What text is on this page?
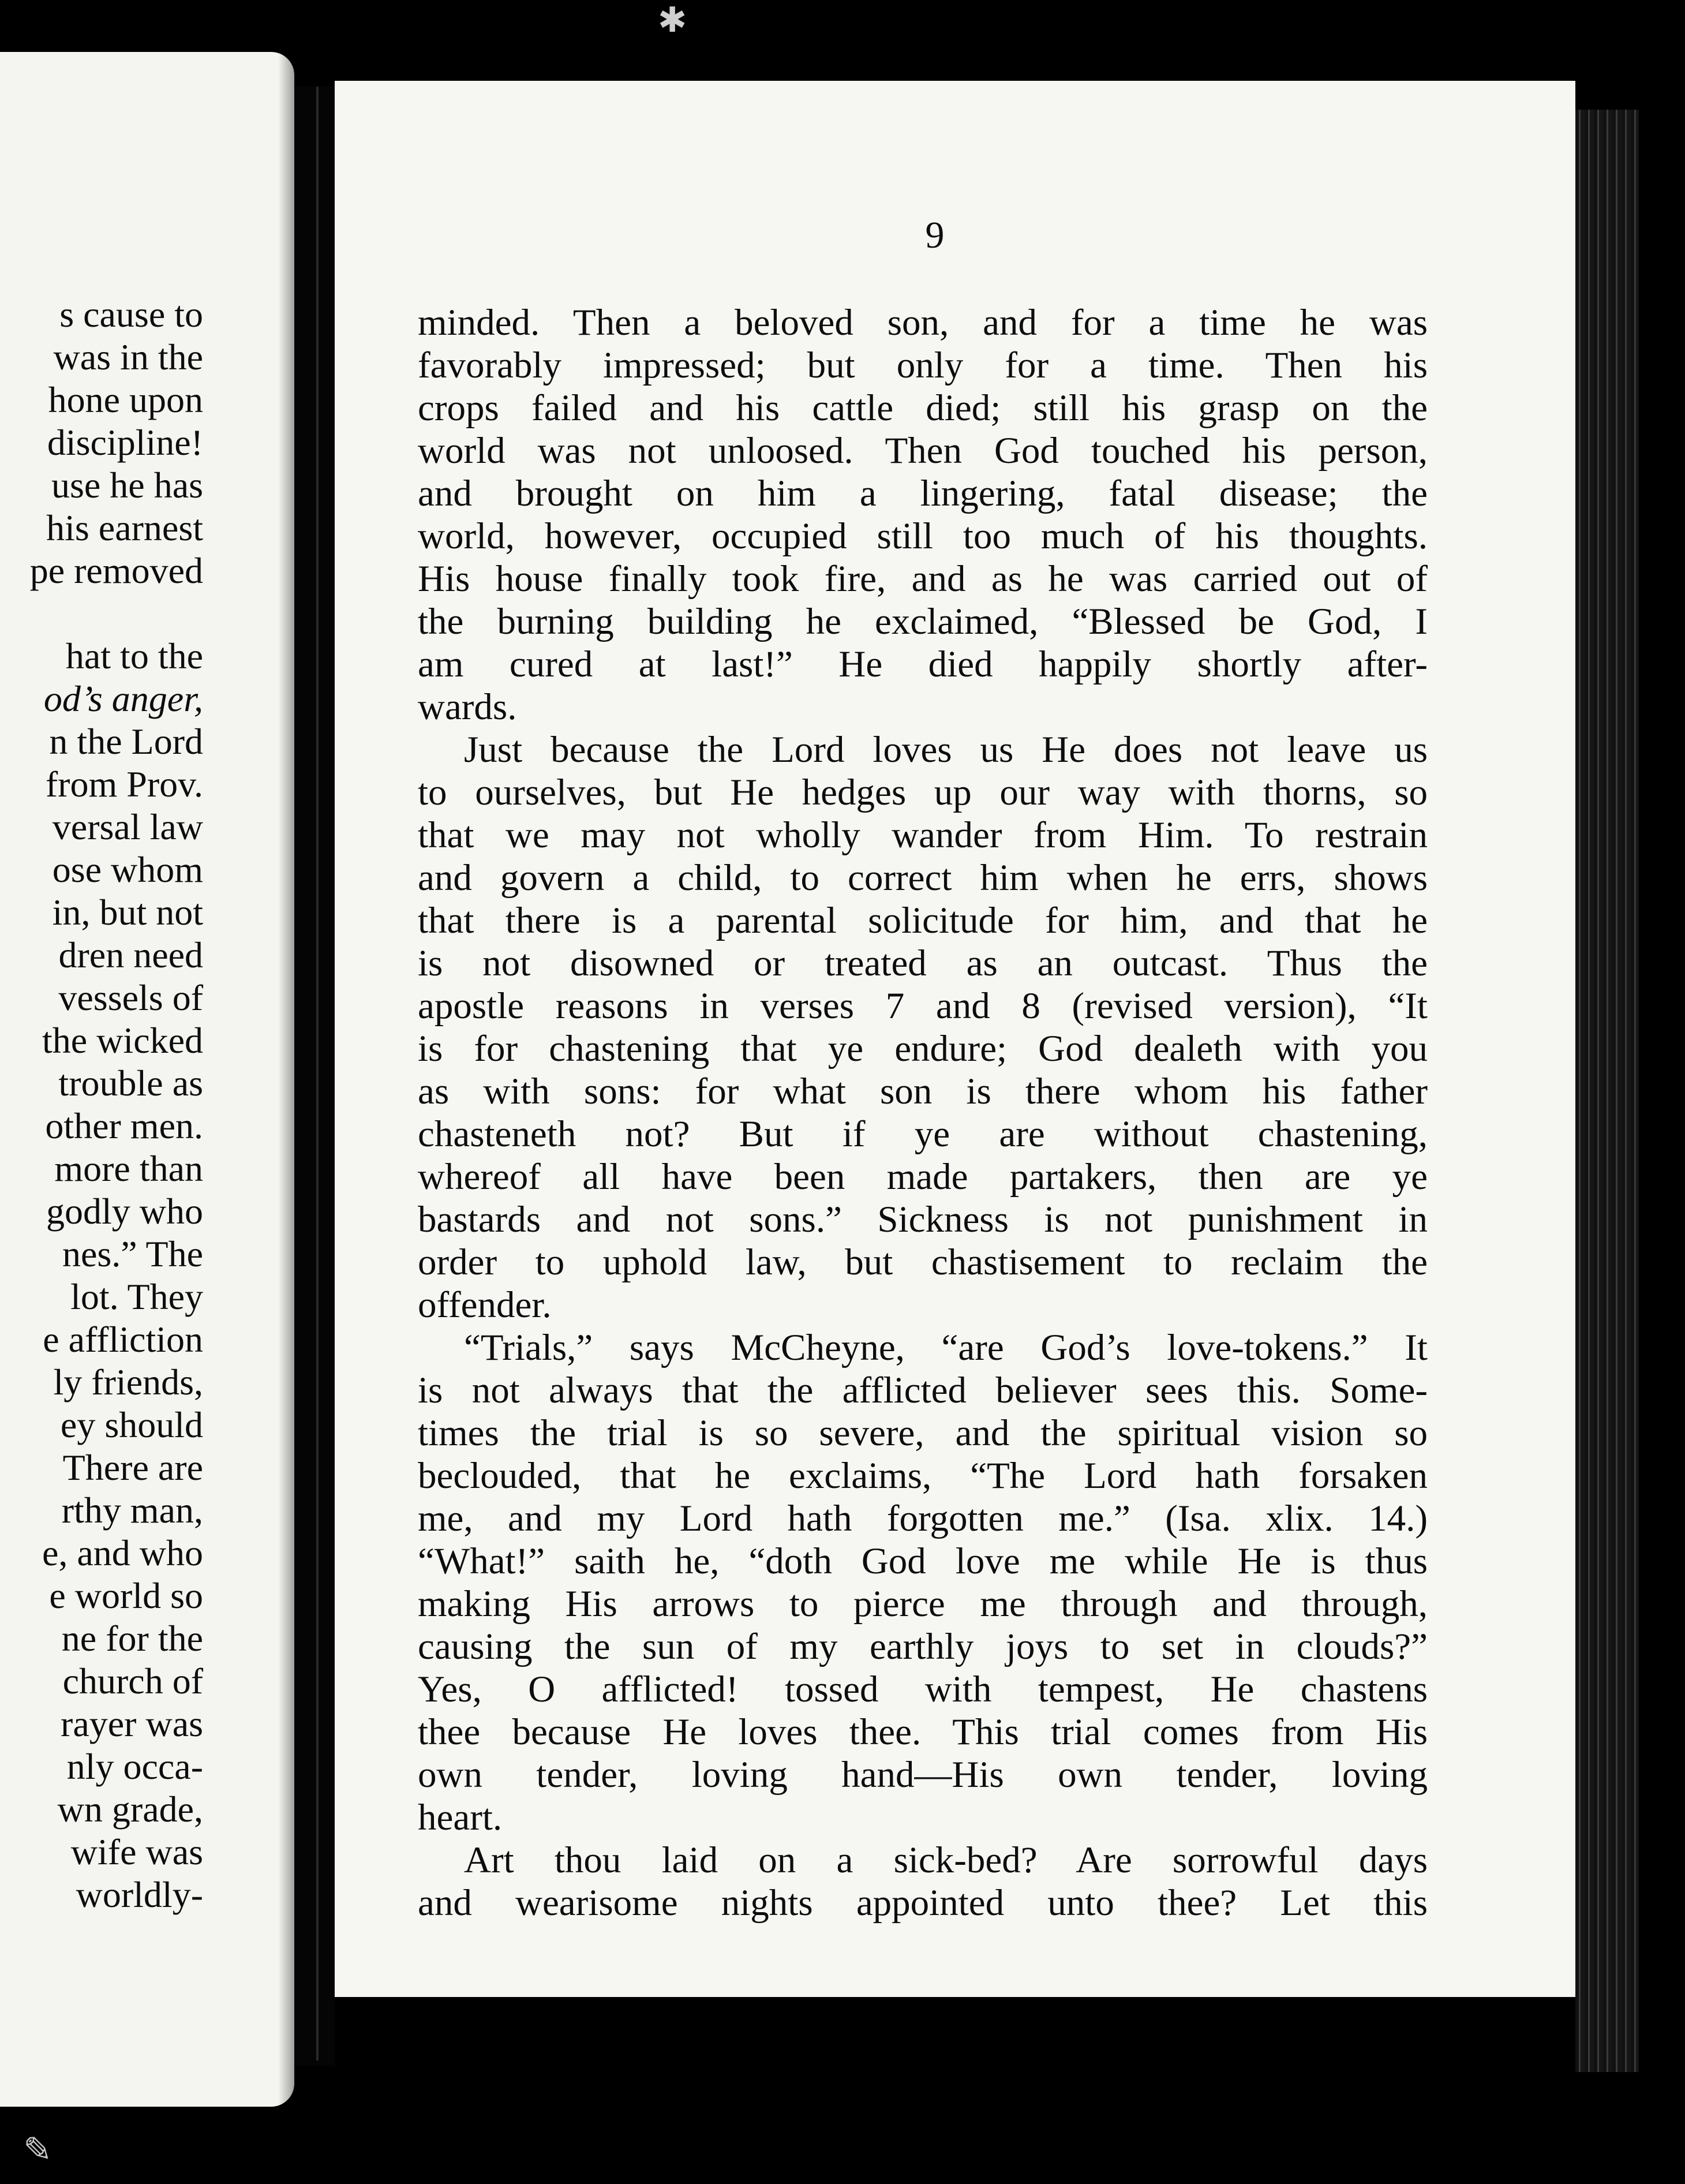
✱
s cause to
was in the
hone upon
discipline!
use he has
his earnest
pe removed
hat to the
od’s anger,
n the Lord
from Prov.
versal law
ose whom
in, but not
dren need
vessels of
the wicked
trouble as
other men.
more than
godly who
nes.” The
lot. They
e affliction
ly friends,
ey should
There are
rthy man,
e, and who
e world so
ne for the
church of
rayer was
nly occa-
wn grade,
wife was
worldly-
9
minded. Then a beloved son, and for a time he was
favorably impressed; but only for a time. Then his
crops failed and his cattle died; still his grasp on the
world was not unloosed. Then God touched his person,
and brought on him a lingering, fatal disease; the
world, however, occupied still too much of his thoughts.
His house finally took fire, and as he was carried out of
the burning building he exclaimed, “Blessed be God, I
am cured at last!” He died happily shortly after-
wards.
Just because the Lord loves us He does not leave us
to ourselves, but He hedges up our way with thorns, so
that we may not wholly wander from Him. To restrain
and govern a child, to correct him when he errs, shows
that there is a parental solicitude for him, and that he
is not disowned or treated as an outcast. Thus the
apostle reasons in verses 7 and 8 (revised version), “It
is for chastening that ye endure; God dealeth with you
as with sons: for what son is there whom his father
chasteneth not? But if ye are without chastening,
whereof all have been made partakers, then are ye
bastards and not sons.” Sickness is not punishment in
order to uphold law, but chastisement to reclaim the
offender.
“Trials,” says McCheyne, “are God’s love-tokens.” It
is not always that the afflicted believer sees this. Some-
times the trial is so severe, and the spiritual vision so
beclouded, that he exclaims, “The Lord hath forsaken
me, and my Lord hath forgotten me.” (Isa. xlix. 14.)
“What!” saith he, “doth God love me while He is thus
making His arrows to pierce me through and through,
causing the sun of my earthly joys to set in clouds?”
Yes, O afflicted! tossed with tempest, He chastens
thee because He loves thee. This trial comes from His
own tender, loving hand—His own tender, loving
heart.
Art thou laid on a sick-bed? Are sorrowful days
and wearisome nights appointed unto thee? Let this
✎
